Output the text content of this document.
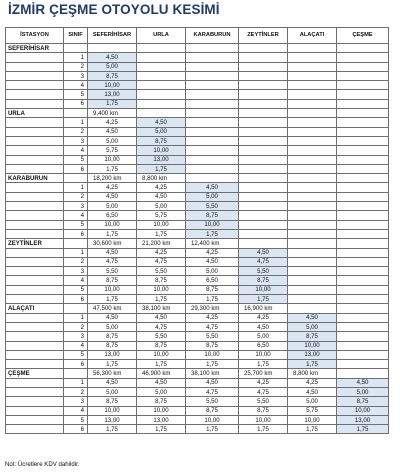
İZMİR ÇEŞME OTOYOLU KESİMİ
İSTASYON	SINIF	SEFERİHİSAR	URLA	KARABURUN	ZEYTİNLER	ALAÇATI	ÇEŞME
SEFERİHİSAR							
	1	4,50					
	2	5,00					
	3	8,75					
	4	10,00					
	5	13,00					
	6	1,75					
URLA		9,400 km					
	1	4,25	4,50				
	2	4,50	5,00				
	3	5,00	8,75				
	4	5,75	10,00				
	5	10,00	13,00				
	6	1,75	1,75				
KARABURUN		18,200 km	8,800 km				
	1	4,25	4,25	4,50			
	2	4,50	4,50	5,00			
	3	5,00	5,00	5,50			
	4	6,50	5,75	8,75			
	5	10,00	10,00	10,00			
	6	1,75	1,75	1,75			
ZEYTİNLER		30,600 km	21,200 km	12,400 km			
	1	4,50	4,25	4,25	4,50		
	2	4,75	4,75	4,50	4,75		
	3	5,50	5,50	5,00	5,50		
	4	8,75	8,75	6,50	8,75		
	5	10,00	10,00	8,75	10,00		
	6	1,75	1,75	1,75	1,75		
ALAÇATI		47,500 km	38,100 km	29,300 km	16,900 km		
	1	4,50	4,50	4,25	4,25	4,50	
	2	5,00	4,75	4,75	4,50	5,00	
	3	8,75	5,50	5,50	5,00	8,75	
	4	8,75	8,75	8,75	6,50	10,00	
	5	13,00	10,00	10,00	10,00	13,00	
	6	1,75	1,75	1,75	1,75	1,75	
ÇEŞME		56,300 km	46,900 km	38,100 km	25,700 km	8,800 km	
	1	4,50	4,50	4,50	4,25	4,25	4,50
	2	5,00	5,00	4,75	4,75	4,50	5,00
	3	8,75	8,75	5,50	5,50	5,00	8,75
	4	10,00	10,00	8,75	8,75	5,75	10,00
	5	13,00	13,00	10,00	10,00	10,00	13,00
	6	1,75	1,75	1,75	1,75	1,75	1,75
Not: Ücretlere KDV dahildir.
